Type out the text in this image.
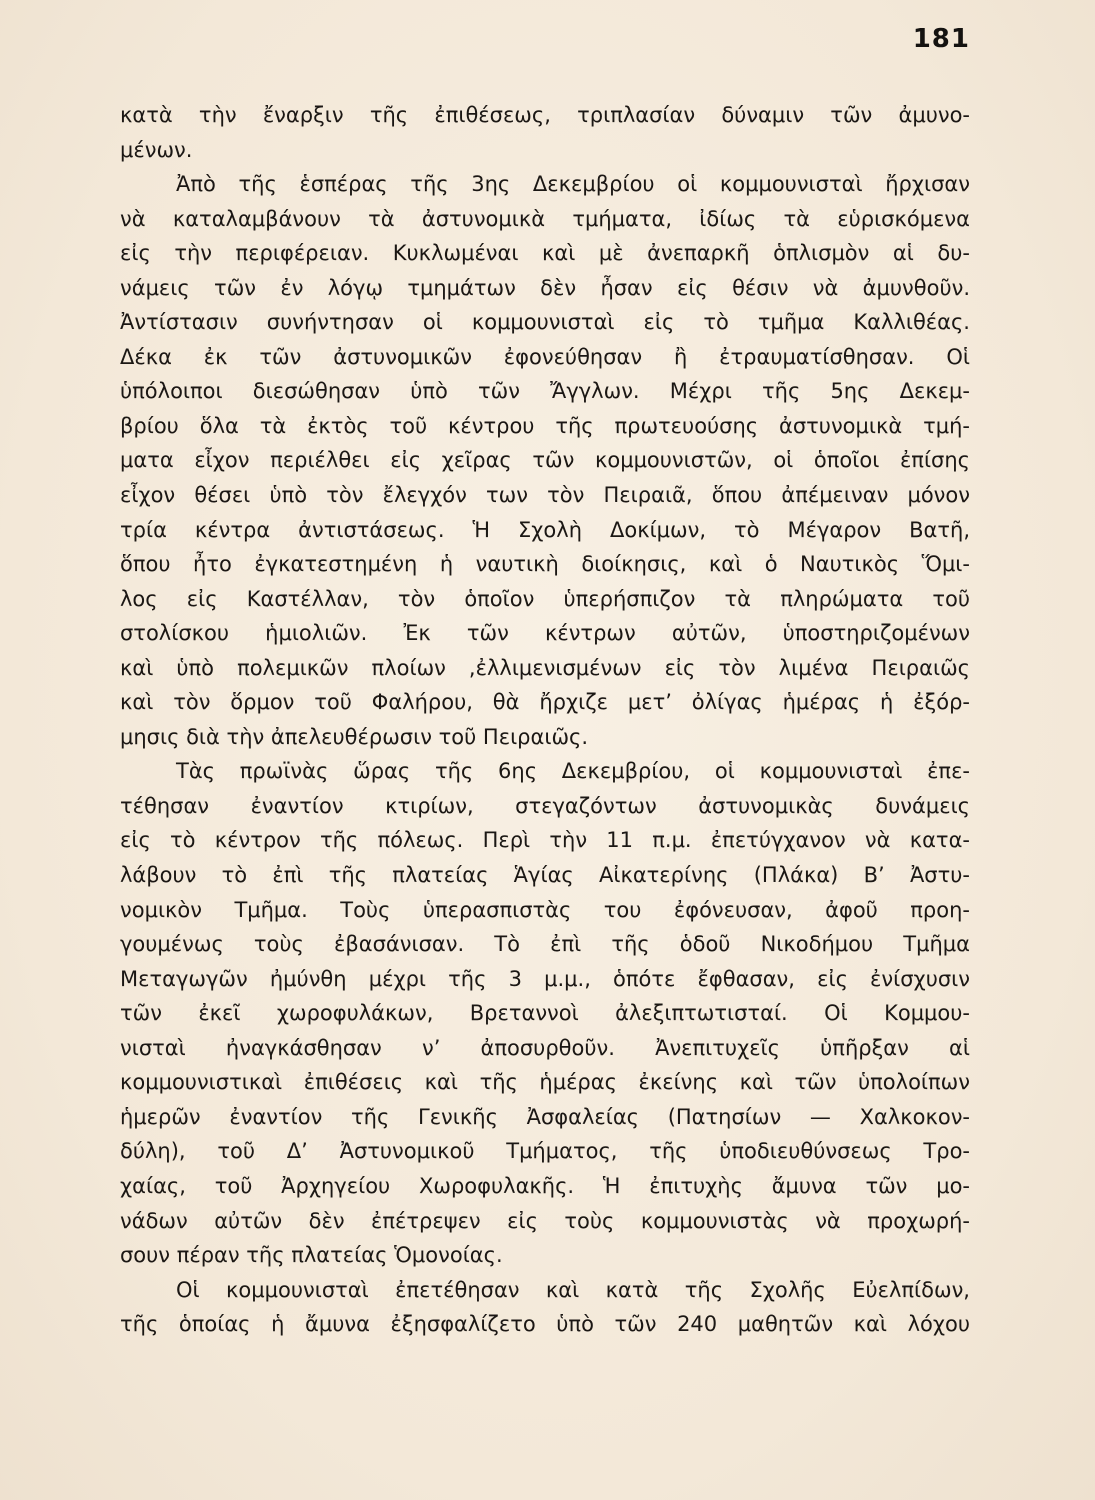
181
κατὰ τὴν ἔναρξιν τῆς ἐπιθέσεως, τριπλασίαν δύναμιν τῶν ἀμυνο-
μένων.
Ἀπὸ τῆς ἑσπέρας τῆς 3ης Δεκεμβρίου οἱ κομμουνισταὶ ἤρχισαν
νὰ καταλαμβάνουν τὰ ἀστυνομικὰ τμήματα, ἰδίως τὰ εὑρισκόμενα
εἰς τὴν περιφέρειαν. Κυκλωμέναι καὶ μὲ ἀνεπαρκῆ ὁπλισμὸν αἱ δυ-
νάμεις τῶν ἐν λόγῳ τμημάτων δὲν ἦσαν εἰς θέσιν νὰ ἀμυνθοῦν.
Ἀντίστασιν συνήντησαν οἱ κομμουνισταὶ εἰς τὸ τμῆμα Καλλιθέας.
Δέκα ἐκ τῶν ἀστυνομικῶν ἐφονεύθησαν ἢ ἐτραυματίσθησαν. Οἱ
ὑπόλοιποι διεσώθησαν ὑπὸ τῶν Ἄγγλων. Μέχρι τῆς 5ης Δεκεμ-
βρίου ὅλα τὰ ἐκτὸς τοῦ κέντρου τῆς πρωτευούσης ἀστυνομικὰ τμή-
ματα εἶχον περιέλθει εἰς χεῖρας τῶν κομμουνιστῶν, οἱ ὁποῖοι ἐπίσης
εἶχον θέσει ὑπὸ τὸν ἔλεγχόν των τὸν Πειραιᾶ, ὅπου ἀπέμειναν μόνον
τρία κέντρα ἀντιστάσεως. Ἡ Σχολὴ Δοκίμων, τὸ Μέγαρον Βατῆ,
ὅπου ἦτο ἐγκατεστημένη ἡ ναυτικὴ διοίκησις, καὶ ὁ Ναυτικὸς Ὅμι-
λος εἰς Καστέλλαν, τὸν ὁποῖον ὑπερήσπιζον τὰ πληρώματα τοῦ
στολίσκου ἡμιολιῶν. Ἐκ τῶν κέντρων αὐτῶν, ὑποστηριζομένων
καὶ ὑπὸ πολεμικῶν πλοίων ,ἐλλιμενισμένων εἰς τὸν λιμένα Πειραιῶς
καὶ τὸν ὅρμον τοῦ Φαλήρου, θὰ ἤρχιζε μετ’ ὀλίγας ἡμέρας ἡ ἐξόρ-
μησις διὰ τὴν ἀπελευθέρωσιν τοῦ Πειραιῶς.
Τὰς πρωϊνὰς ὥρας τῆς 6ης Δεκεμβρίου, οἱ κομμουνισταὶ ἐπε-
τέθησαν ἐναντίον κτιρίων, στεγαζόντων ἀστυνομικὰς δυνάμεις
εἰς τὸ κέντρον τῆς πόλεως. Περὶ τὴν 11 π.μ. ἐπετύγχανον νὰ κατα-
λάβουν τὸ ἐπὶ τῆς πλατείας Ἁγίας Αἰκατερίνης (Πλάκα) Β’ Ἀστυ-
νομικὸν Τμῆμα. Τοὺς ὑπερασπιστὰς του ἐφόνευσαν, ἀφοῦ προη-
γουμένως τοὺς ἐβασάνισαν. Τὸ ἐπὶ τῆς ὁδοῦ Νικοδήμου Τμῆμα
Μεταγωγῶν ἠμύνθη μέχρι τῆς 3 μ.μ., ὁπότε ἔφθασαν, εἰς ἐνίσχυσιν
τῶν ἐκεῖ χωροφυλάκων, Βρεταννοὶ ἀλεξιπτωτισταί. Οἱ Κομμου-
νισταὶ ἠναγκάσθησαν ν’ ἀποσυρθοῦν. Ἀνεπιτυχεῖς ὑπῆρξαν αἱ
κομμουνιστικαὶ ἐπιθέσεις καὶ τῆς ἡμέρας ἐκείνης καὶ τῶν ὑπολοίπων
ἡμερῶν ἐναντίον τῆς Γενικῆς Ἀσφαλείας (Πατησίων — Χαλκοκον-
δύλη), τοῦ Δ’ Ἀστυνομικοῦ Τμήματος, τῆς ὑποδιευθύνσεως Τρο-
χαίας, τοῦ Ἀρχηγείου Χωροφυλακῆς. Ἡ ἐπιτυχὴς ἄμυνα τῶν μο-
νάδων αὐτῶν δὲν ἐπέτρεψεν εἰς τοὺς κομμουνιστὰς νὰ προχωρή-
σουν πέραν τῆς πλατείας Ὁμονοίας.
Οἱ κομμουνισταὶ ἐπετέθησαν καὶ κατὰ τῆς Σχολῆς Εὐελπίδων,
τῆς ὁποίας ἡ ἄμυνα ἐξησφαλίζετο ὑπὸ τῶν 240 μαθητῶν καὶ λόχου
